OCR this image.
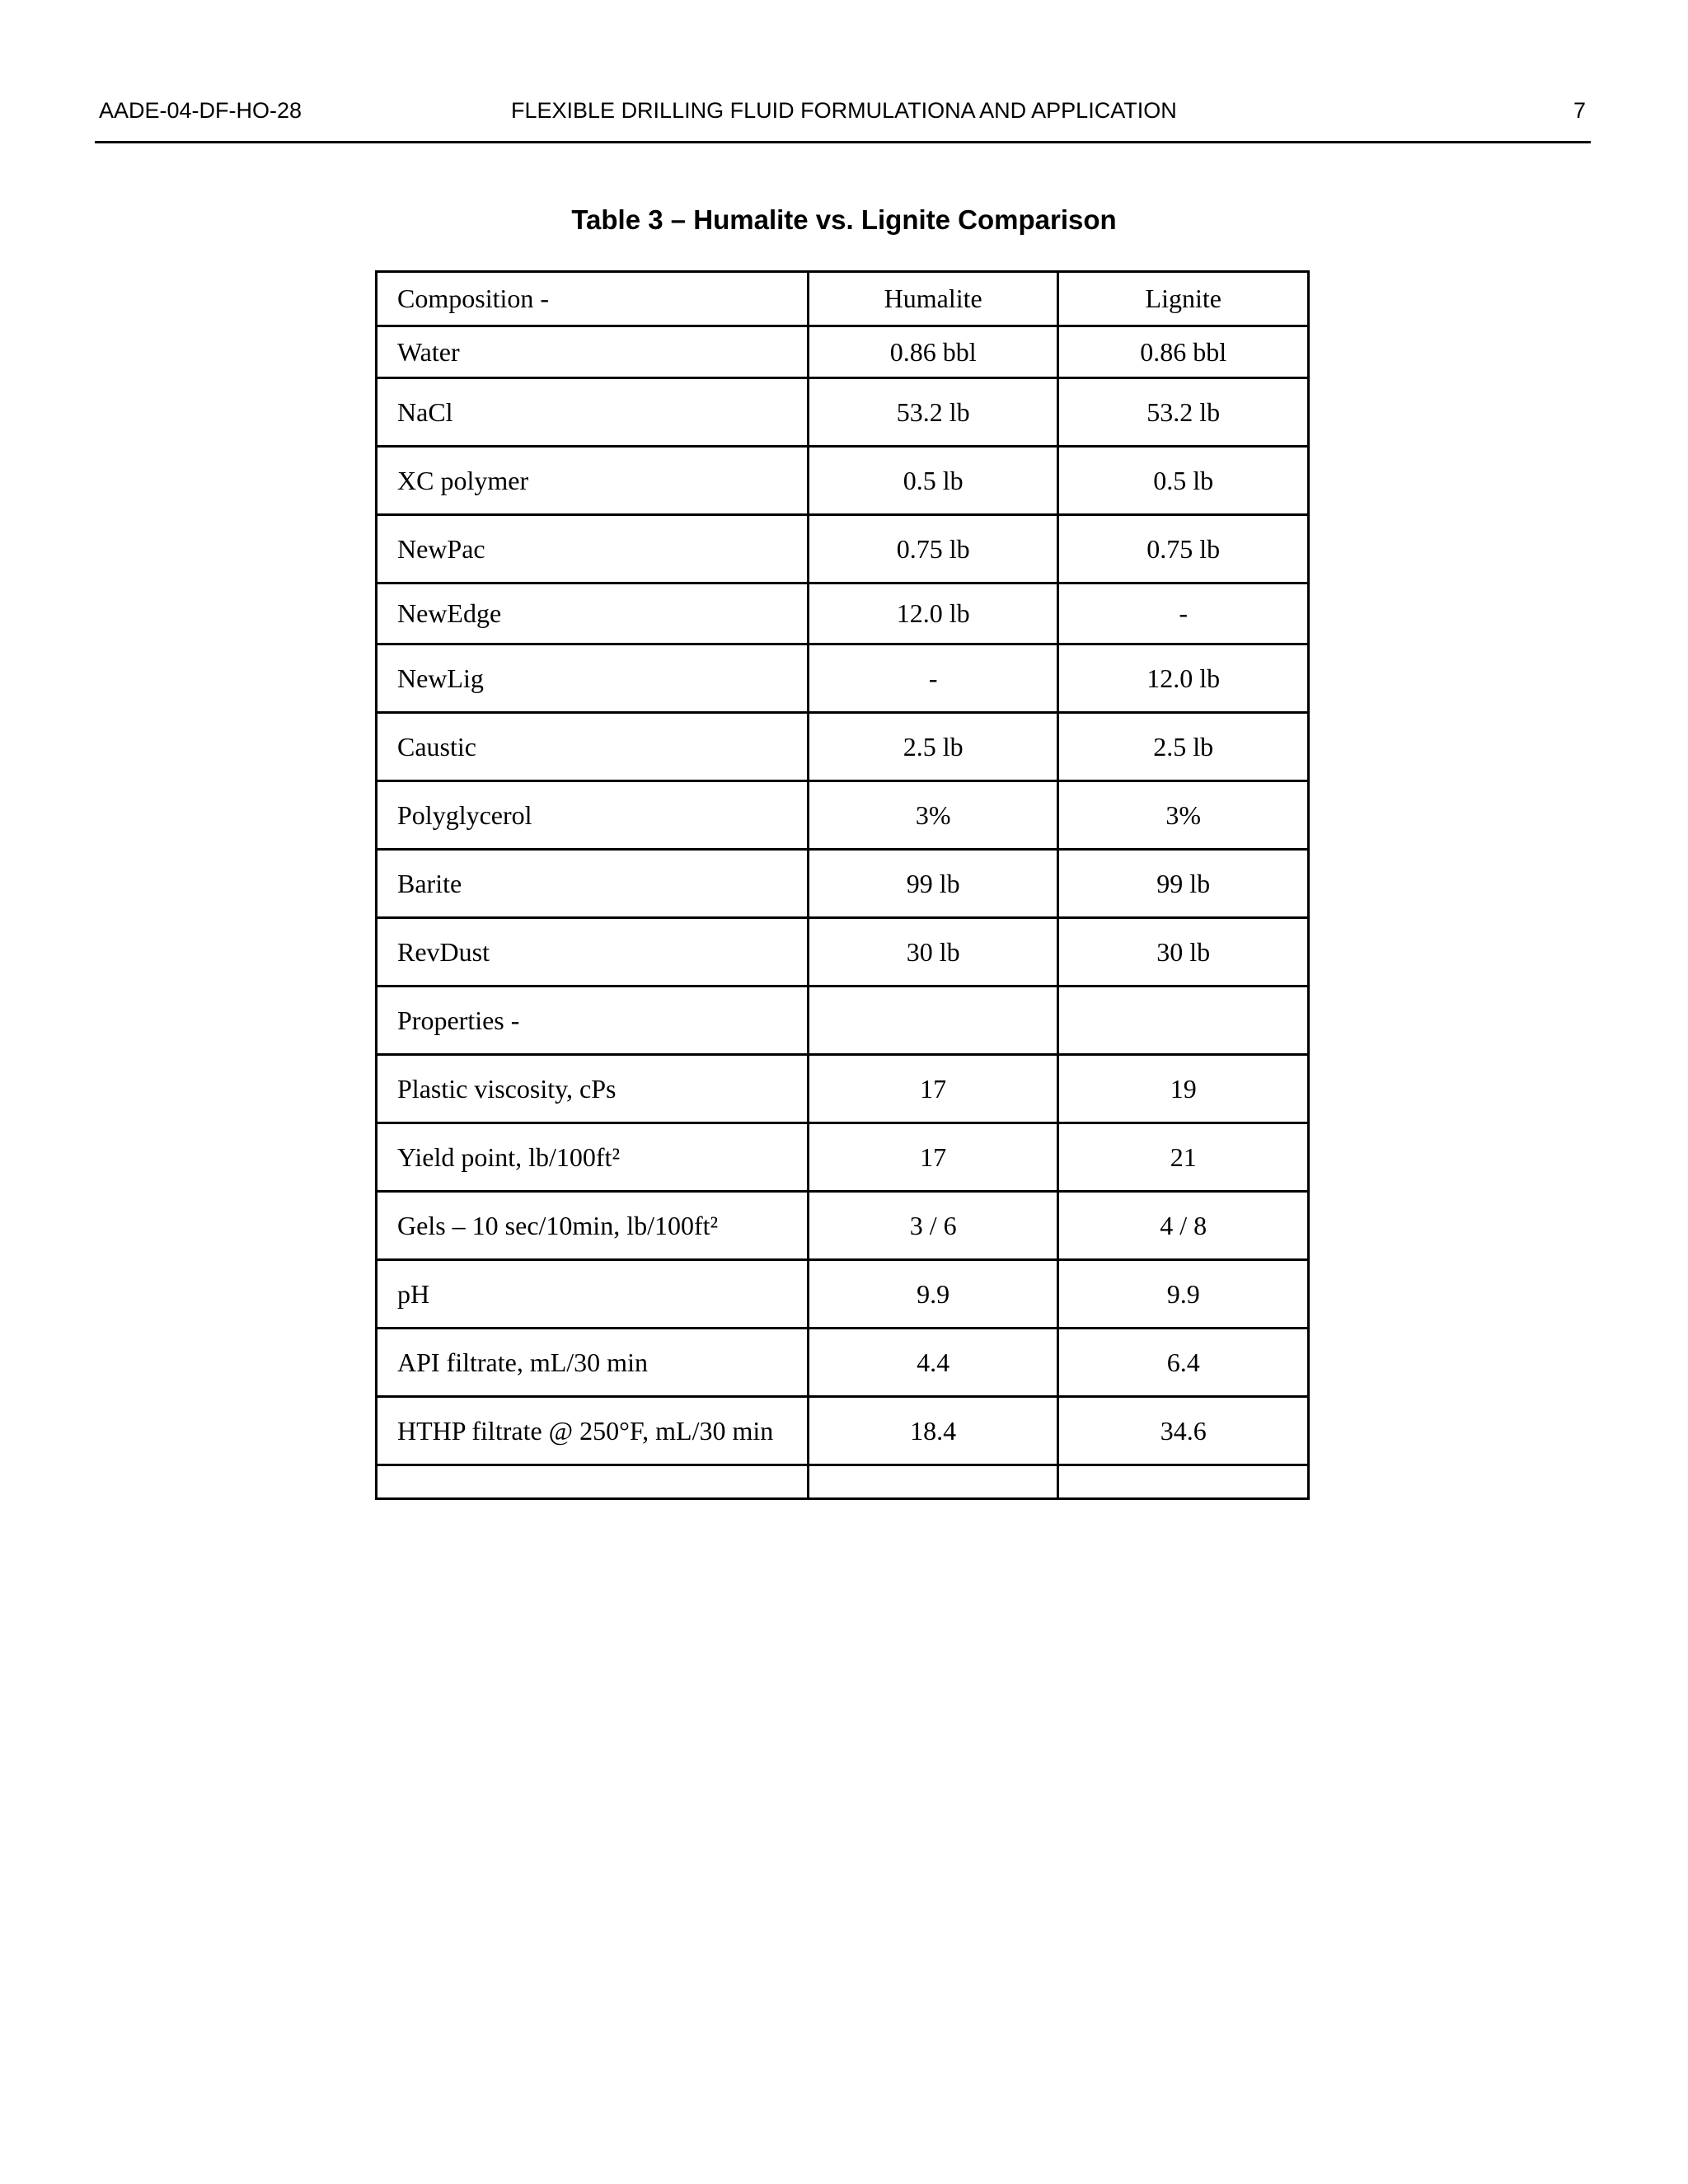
AADE-04-DF-HO-28	FLEXIBLE DRILLING FLUID FORMULATIONA AND APPLICATION	7
Table 3 – Humalite vs. Lignite Comparison
Composition -	Humalite	Lignite
Water	0.86 bbl	0.86 bbl
NaCl	53.2 lb	53.2 lb
XC polymer	0.5 lb	0.5 lb
NewPac	0.75 lb	0.75 lb
NewEdge	12.0 lb	-
NewLig	-	12.0 lb
Caustic	2.5 lb	2.5 lb
Polyglycerol	3%	3%
Barite	99 lb	99 lb
RevDust	30 lb	30 lb
Properties -		
Plastic viscosity, cPs	17	19
Yield point, lb/100ft²	17	21
Gels – 10 sec/10min, lb/100ft²	3 / 6	4 / 8
pH	9.9	9.9
API filtrate, mL/30 min	4.4	6.4
HTHP filtrate @ 250°F, mL/30 min	18.4	34.6
